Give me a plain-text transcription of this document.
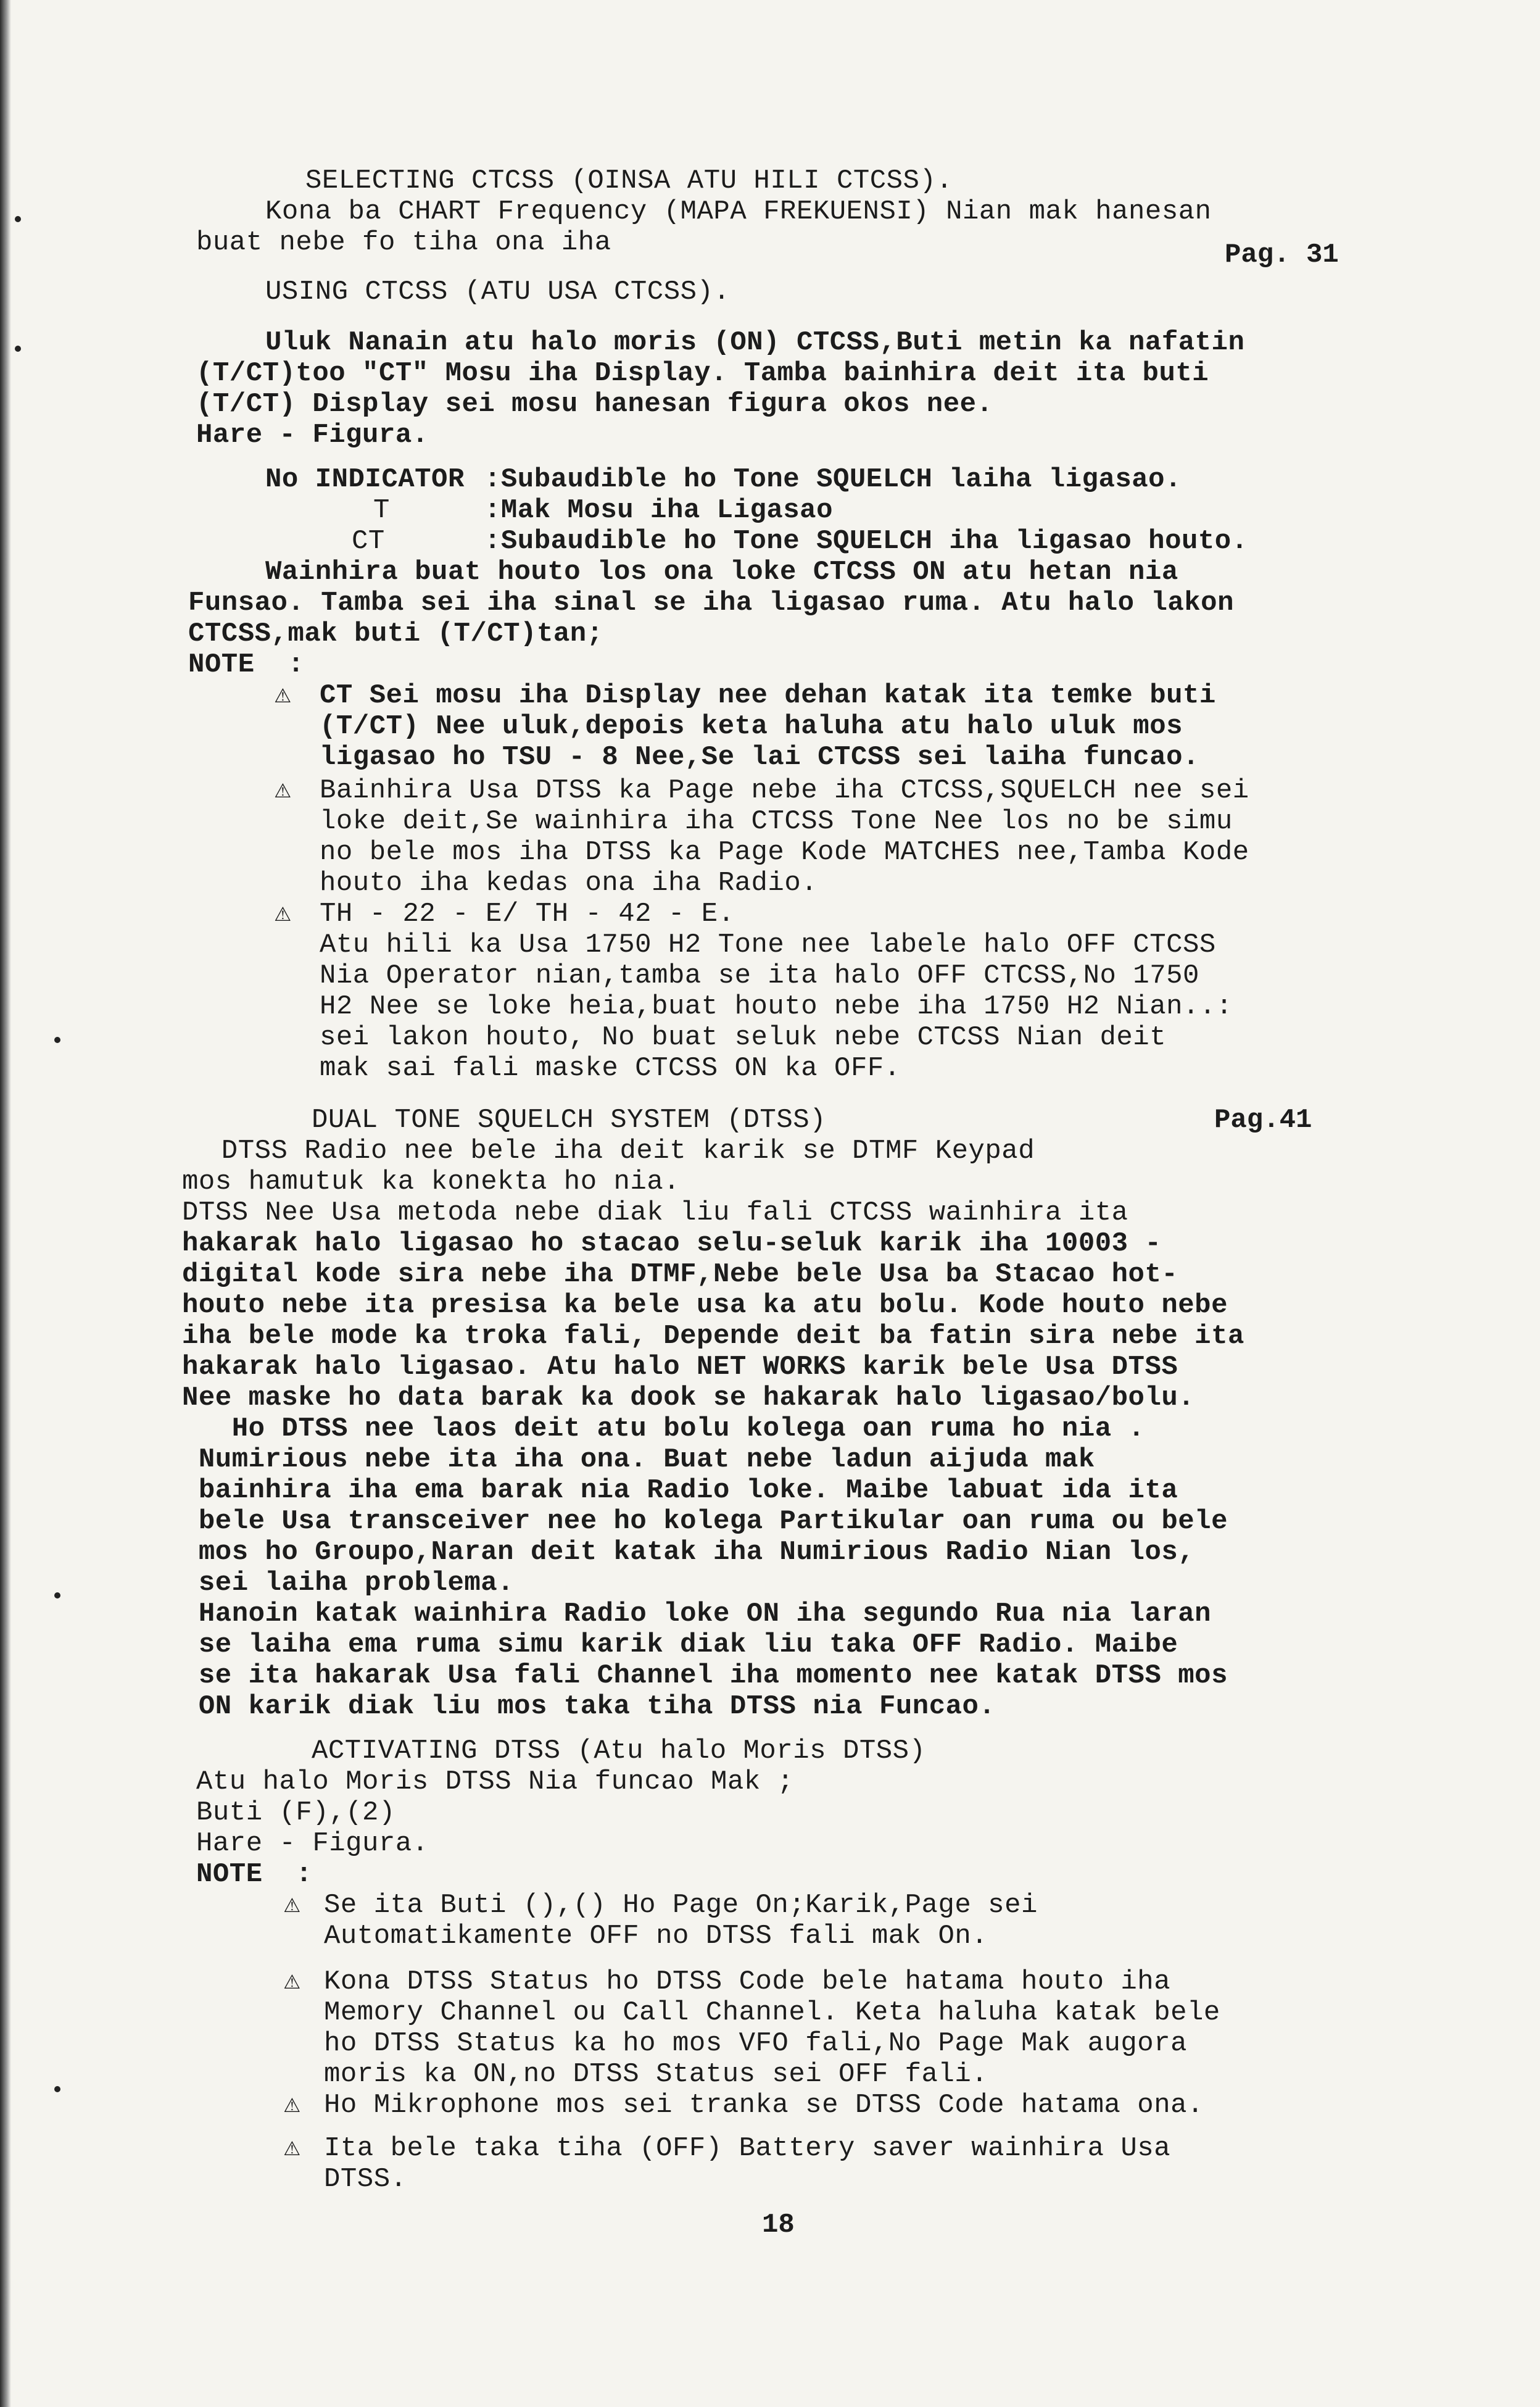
SELECTING CTCSS (OINSA ATU HILI CTCSS).
Kona ba CHART Frequency (MAPA FREKUENSI) Nian mak hanesan
buat nebe fo tiha ona iha	Pag. 31
USING CTCSS (ATU USA CTCSS).
Uluk Nanain atu halo moris (ON) CTCSS,Buti metin ka nafatin
(T/CT)too "CT" Mosu iha Display. Tamba bainhira deit ita buti
(T/CT) Display sei mosu hanesan figura okos nee.
Hare - Figura.
No INDICATOR :Subaudible ho Tone SQUELCH laiha ligasao.
T	:Mak Mosu iha Ligasao
CT	:Subaudible ho Tone SQUELCH iha ligasao houto.
Wainhira buat houto los ona loke CTCSS ON atu hetan nia
Funsao. Tamba sei iha sinal se iha ligasao ruma. Atu halo lakon
CTCSS,mak buti (T/CT)tan;
NOTE  :
⚠ CT Sei mosu iha Display nee dehan katak ita temke buti
(T/CT) Nee uluk,depois keta haluha atu halo uluk mos
ligasao ho TSU - 8 Nee,Se lai CTCSS sei laiha funcao.
⚠ Bainhira Usa DTSS ka Page nebe iha CTCSS,SQUELCH nee sei
loke deit,Se wainhira iha CTCSS Tone Nee los no be simu
no bele mos iha DTSS ka Page Kode MATCHES nee,Tamba Kode
houto iha kedas ona iha Radio.
⚠ TH - 22 - E/ TH - 42 - E.
Atu hili ka Usa 1750 H2 Tone nee labele halo OFF CTCSS
Nia Operator nian,tamba se ita halo OFF CTCSS,No 1750
H2 Nee se loke heia,buat houto nebe iha 1750 H2 Nian..:
sei lakon houto, No buat seluk nebe CTCSS Nian deit
mak sai fali maske CTCSS ON ka OFF.
DUAL TONE SQUELCH SYSTEM (DTSS)	Pag.41
DTSS Radio nee bele iha deit karik se DTMF Keypad
mos hamutuk ka konekta ho nia.
DTSS Nee Usa metoda nebe diak liu fali CTCSS wainhira ita
hakarak halo ligasao ho stacao selu-seluk karik iha 10003 -
digital kode sira nebe iha DTMF,Nebe bele Usa ba Stacao hot-
houto nebe ita presisa ka bele usa ka atu bolu. Kode houto nebe
iha bele mode ka troka fali, Depende deit ba fatin sira nebe ita
hakarak halo ligasao. Atu halo NET WORKS karik bele Usa DTSS
Nee maske ho data barak ka dook se hakarak halo ligasao/bolu.
Ho DTSS nee laos deit atu bolu kolega oan ruma ho nia .
Numirious nebe ita iha ona. Buat nebe ladun aijuda mak
bainhira iha ema barak nia Radio loke. Maibe labuat ida ita
bele Usa transceiver nee ho kolega Partikular oan ruma ou bele
mos ho Groupo,Naran deit katak iha Numirious Radio Nian los,
sei laiha problema.
Hanoin katak wainhira Radio loke ON iha segundo Rua nia laran
se laiha ema ruma simu karik diak liu taka OFF Radio. Maibe
se ita hakarak Usa fali Channel iha momento nee katak DTSS mos
ON karik diak liu mos taka tiha DTSS nia Funcao.
ACTIVATING DTSS (Atu halo Moris DTSS)
Atu halo Moris DTSS Nia funcao Mak ;
Buti (F),(2)
Hare - Figura.
NOTE  :
⚠ Se ita Buti (),() Ho Page On;Karik,Page sei
Automatikamente OFF no DTSS fali mak On.
⚠ Kona DTSS Status ho DTSS Code bele hatama houto iha
Memory Channel ou Call Channel. Keta haluha katak bele
ho DTSS Status ka ho mos VFO fali,No Page Mak augora
moris ka ON,no DTSS Status sei OFF fali.
⚠ Ho Mikrophone mos sei tranka se DTSS Code hatama ona.
⚠ Ita bele taka tiha (OFF) Battery saver wainhira Usa
DTSS.
18
